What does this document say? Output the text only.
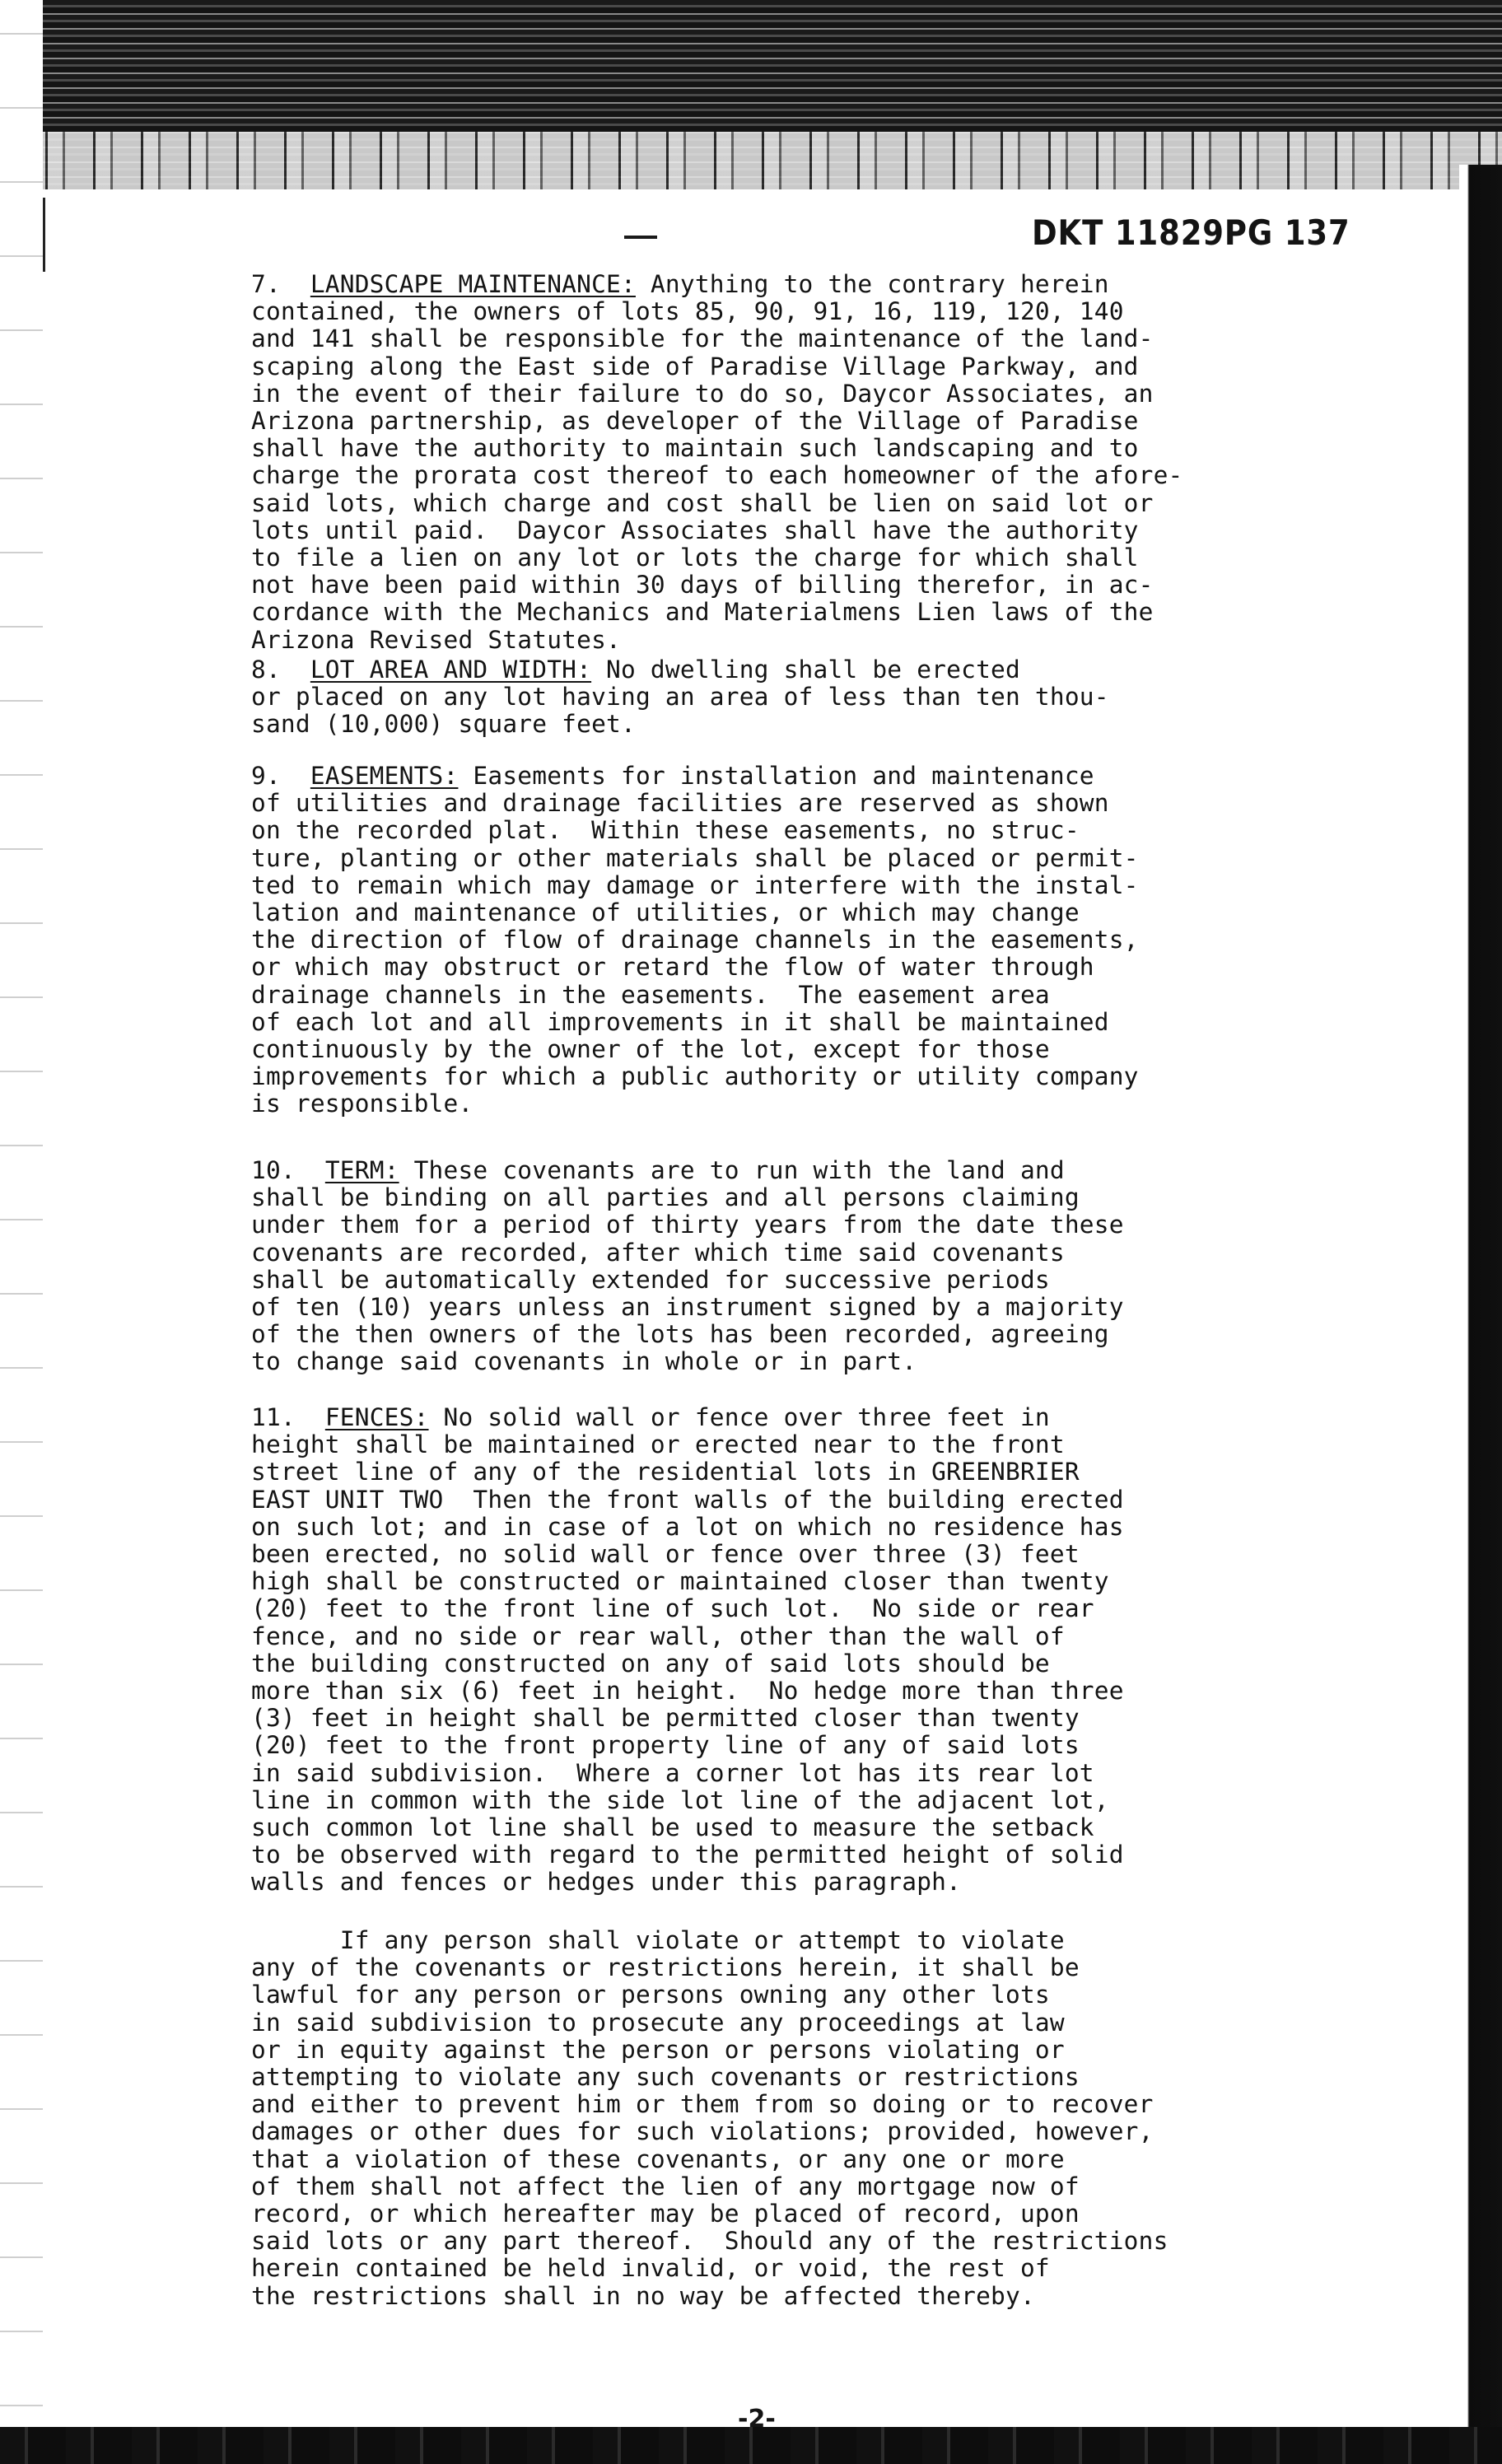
DKT 11829PG 137
7.  LANDSCAPE MAINTENANCE: Anything to the contrary herein
contained, the owners of lots 85, 90, 91, 16, 119, 120, 140
and 141 shall be responsible for the maintenance of the land-
scaping along the East side of Paradise Village Parkway, and
in the event of their failure to do so, Daycor Associates, an
Arizona partnership, as developer of the Village of Paradise
shall have the authority to maintain such landscaping and to
charge the prorata cost thereof to each homeowner of the afore-
said lots, which charge and cost shall be lien on said lot or
lots until paid.  Daycor Associates shall have the authority
to file a lien on any lot or lots the charge for which shall
not have been paid within 30 days of billing therefor, in ac-
cordance with the Mechanics and Materialmens Lien laws of the
Arizona Revised Statutes.
8.  LOT AREA AND WIDTH: No dwelling shall be erected
or placed on any lot having an area of less than ten thou-
sand (10,000) square feet.
9.  EASEMENTS: Easements for installation and maintenance
of utilities and drainage facilities are reserved as shown
on the recorded plat.  Within these easements, no struc-
ture, planting or other materials shall be placed or permit-
ted to remain which may damage or interfere with the instal-
lation and maintenance of utilities, or which may change
the direction of flow of drainage channels in the easements,
or which may obstruct or retard the flow of water through
drainage channels in the easements.  The easement area
of each lot and all improvements in it shall be maintained
continuously by the owner of the lot, except for those
improvements for which a public authority or utility company
is responsible.
10.  TERM: These covenants are to run with the land and
shall be binding on all parties and all persons claiming
under them for a period of thirty years from the date these
covenants are recorded, after which time said covenants
shall be automatically extended for successive periods
of ten (10) years unless an instrument signed by a majority
of the then owners of the lots has been recorded, agreeing
to change said covenants in whole or in part.
11.  FENCES: No solid wall or fence over three feet in
height shall be maintained or erected near to the front
street line of any of the residential lots in GREENBRIER
EAST UNIT TWO  Then the front walls of the building erected
on such lot; and in case of a lot on which no residence has
been erected, no solid wall or fence over three (3) feet
high shall be constructed or maintained closer than twenty
(20) feet to the front line of such lot.  No side or rear
fence, and no side or rear wall, other than the wall of
the building constructed on any of said lots should be
more than six (6) feet in height.  No hedge more than three
(3) feet in height shall be permitted closer than twenty
(20) feet to the front property line of any of said lots
in said subdivision.  Where a corner lot has its rear lot
line in common with the side lot line of the adjacent lot,
such common lot line shall be used to measure the setback
to be observed with regard to the permitted height of solid
walls and fences or hedges under this paragraph.
If any person shall violate or attempt to violate
any of the covenants or restrictions herein, it shall be
lawful for any person or persons owning any other lots
in said subdivision to prosecute any proceedings at law
or in equity against the person or persons violating or
attempting to violate any such covenants or restrictions
and either to prevent him or them from so doing or to recover
damages or other dues for such violations; provided, however,
that a violation of these covenants, or any one or more
of them shall not affect the lien of any mortgage now of
record, or which hereafter may be placed of record, upon
said lots or any part thereof.  Should any of the restrictions
herein contained be held invalid, or void, the rest of
the restrictions shall in no way be affected thereby.
-2-
